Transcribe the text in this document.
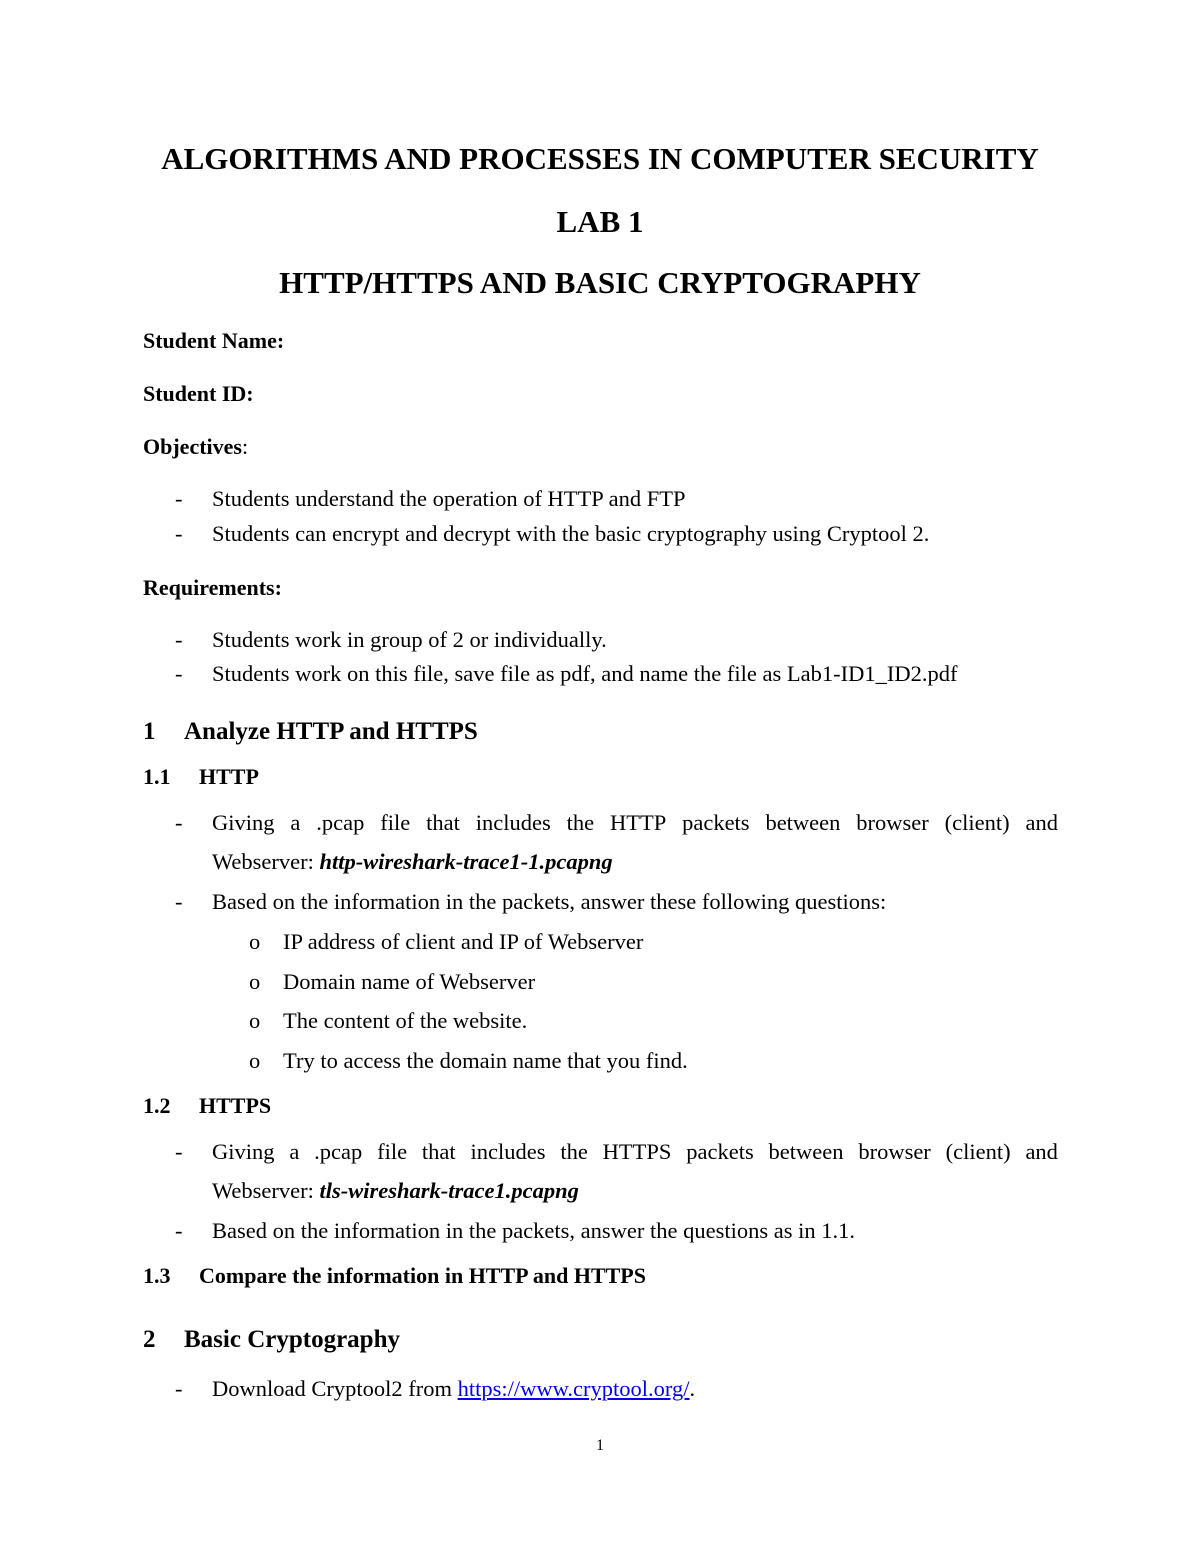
ALGORITHMS AND PROCESSES IN COMPUTER SECURITY
LAB 1
HTTP/HTTPS AND BASIC CRYPTOGRAPHY
Student Name:
Student ID:
Objectives:
- Students understand the operation of HTTP and FTP
- Students can encrypt and decrypt with the basic cryptography using Cryptool 2.
Requirements:
- Students work in group of 2 or individually.
- Students work on this file, save file as pdf, and name the file as Lab1-ID1_ID2.pdf
1 Analyze HTTP and HTTPS
1.1 HTTP
- Giving a .pcap file that includes the HTTP packets between browser (client) and
Webserver: http-wireshark-trace1-1.pcapng
- Based on the information in the packets, answer these following questions:
o IP address of client and IP of Webserver
o Domain name of Webserver
o The content of the website.
o Try to access the domain name that you find.
1.2 HTTPS
- Giving a .pcap file that includes the HTTPS packets between browser (client) and
Webserver: tls-wireshark-trace1.pcapng
- Based on the information in the packets, answer the questions as in 1.1.
1.3 Compare the information in HTTP and HTTPS
2 Basic Cryptography
- Download Cryptool2 from https://www.cryptool.org/.
1
